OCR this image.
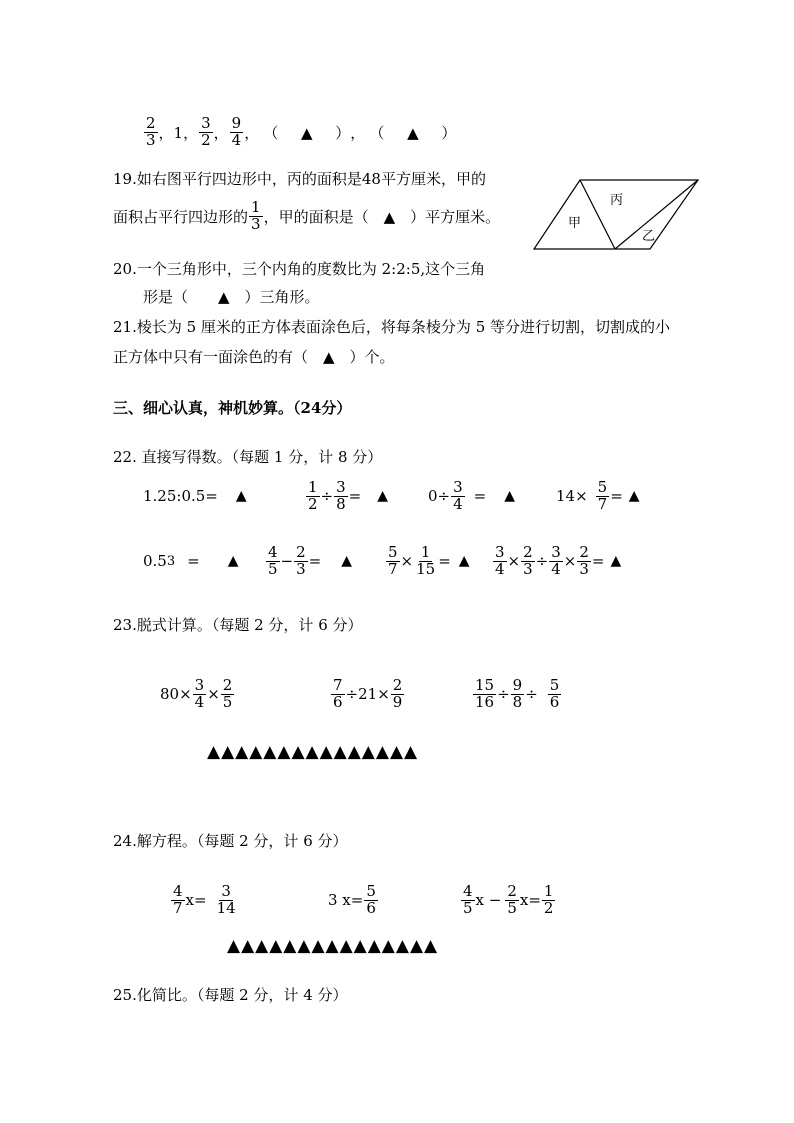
$\frac{2}{3}$ ，1， $\frac{3}{2}$ ， $\frac{9}{4}$ ， （ ▲ ） ， （ ▲ ）
19.如右图平行四边形中，丙的面积是48平方厘米，甲的
面积占平行四边形的 $\frac{1}{3}$ ，甲的面积是（　▲　）平方厘米。
丙
甲
乙
20.一个三角形中，三个内角的度数比为 2:2:5,这个三角
形是（　　▲　）三角形。
21.棱长为 5 厘米的正方体表面涂色后，将每条棱分为 5 等分进行切割，切割成的小
正方体中只有一面涂色的有（　▲　）个。
三、细心认真，神机妙算。（24分）
22. 直接写得数。（每题 1 分，计 8 分）
1.25:0.5= ▲	$\frac{1}{2} \div \frac{3}{8}$ = ▲	$0\div \frac{3}{4}$ = ▲	$14\times \frac{5}{7}$ = ▲
0.5 3 = ▲ $\frac{4}{5} - \frac{2}{3}$ = ▲ $\frac{5}{7} \times \frac{1}{15}$ = ▲ $\frac{3}{4} \times \frac{2}{3} \div \frac{3}{4} \times \frac{2}{3}$ = ▲
23.脱式计算。（每题 2 分，计 6 分）
$80\times \frac{3}{4} \times \frac{2}{5}$	$\frac{7}{6} \div 21\times \frac{2}{9}$	$\frac{15}{16} \div \frac{9}{8} \div \frac{5}{6}$
▲▲▲▲▲▲▲▲▲▲▲▲▲▲▲
24.解方程。（每题 2 分，计 6 分）
$\frac{4}{7} x= \frac{3}{14}$	3 $x= \frac{5}{6}$	$\frac{4}{5}$ $x - \frac{2}{5} x= \frac{1}{2}$
▲▲▲▲▲▲▲▲▲▲▲▲▲▲▲
25.化简比。（每题 2 分，计 4 分）
